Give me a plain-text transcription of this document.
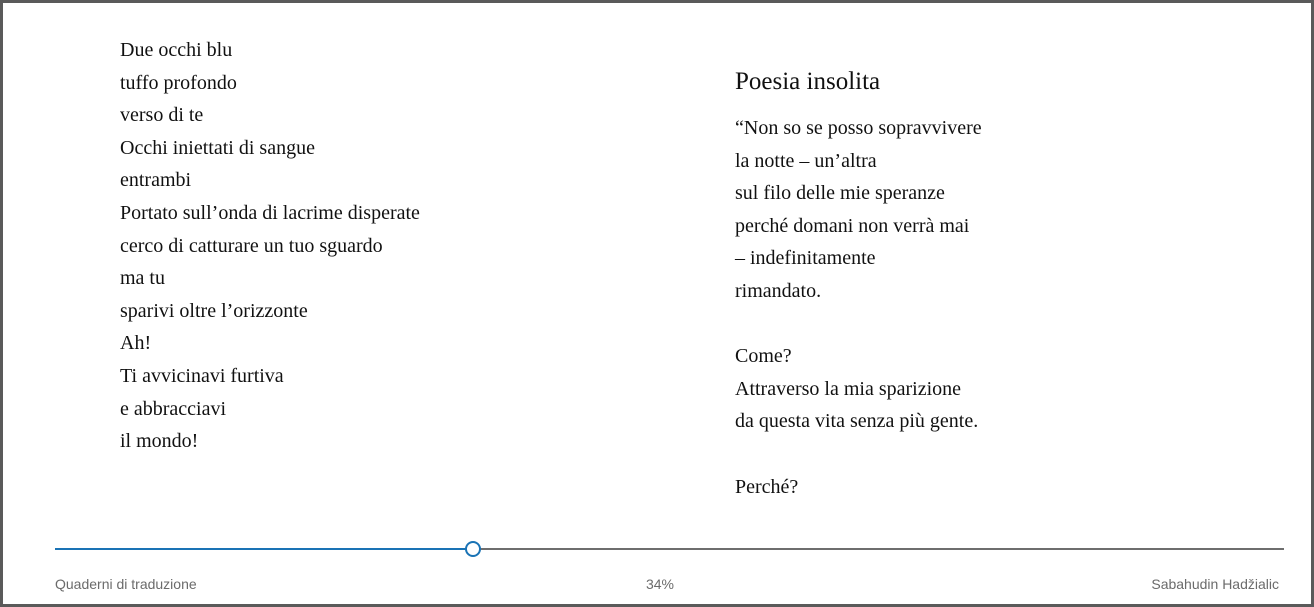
Due occhi blu
tuffo profondo
verso di te
Occhi iniettati di sangue
entrambi
Portato sull’onda di lacrime disperate
cerco di catturare un tuo sguardo
ma tu
sparivi oltre l’orizzonte
Ah!
Ti avvicinavi furtiva
e abbracciavi
il mondo!
Poesia insolita
“Non so se posso sopravvivere
la notte – un’altra
sul filo delle mie speranze
perché domani non verrà mai
– indefinitamente
rimandato.
Come?
Attraverso la mia sparizione
da questa vita senza più gente.
Perché?
Quaderni di traduzione	34%	Sabahudin Hadžialic
